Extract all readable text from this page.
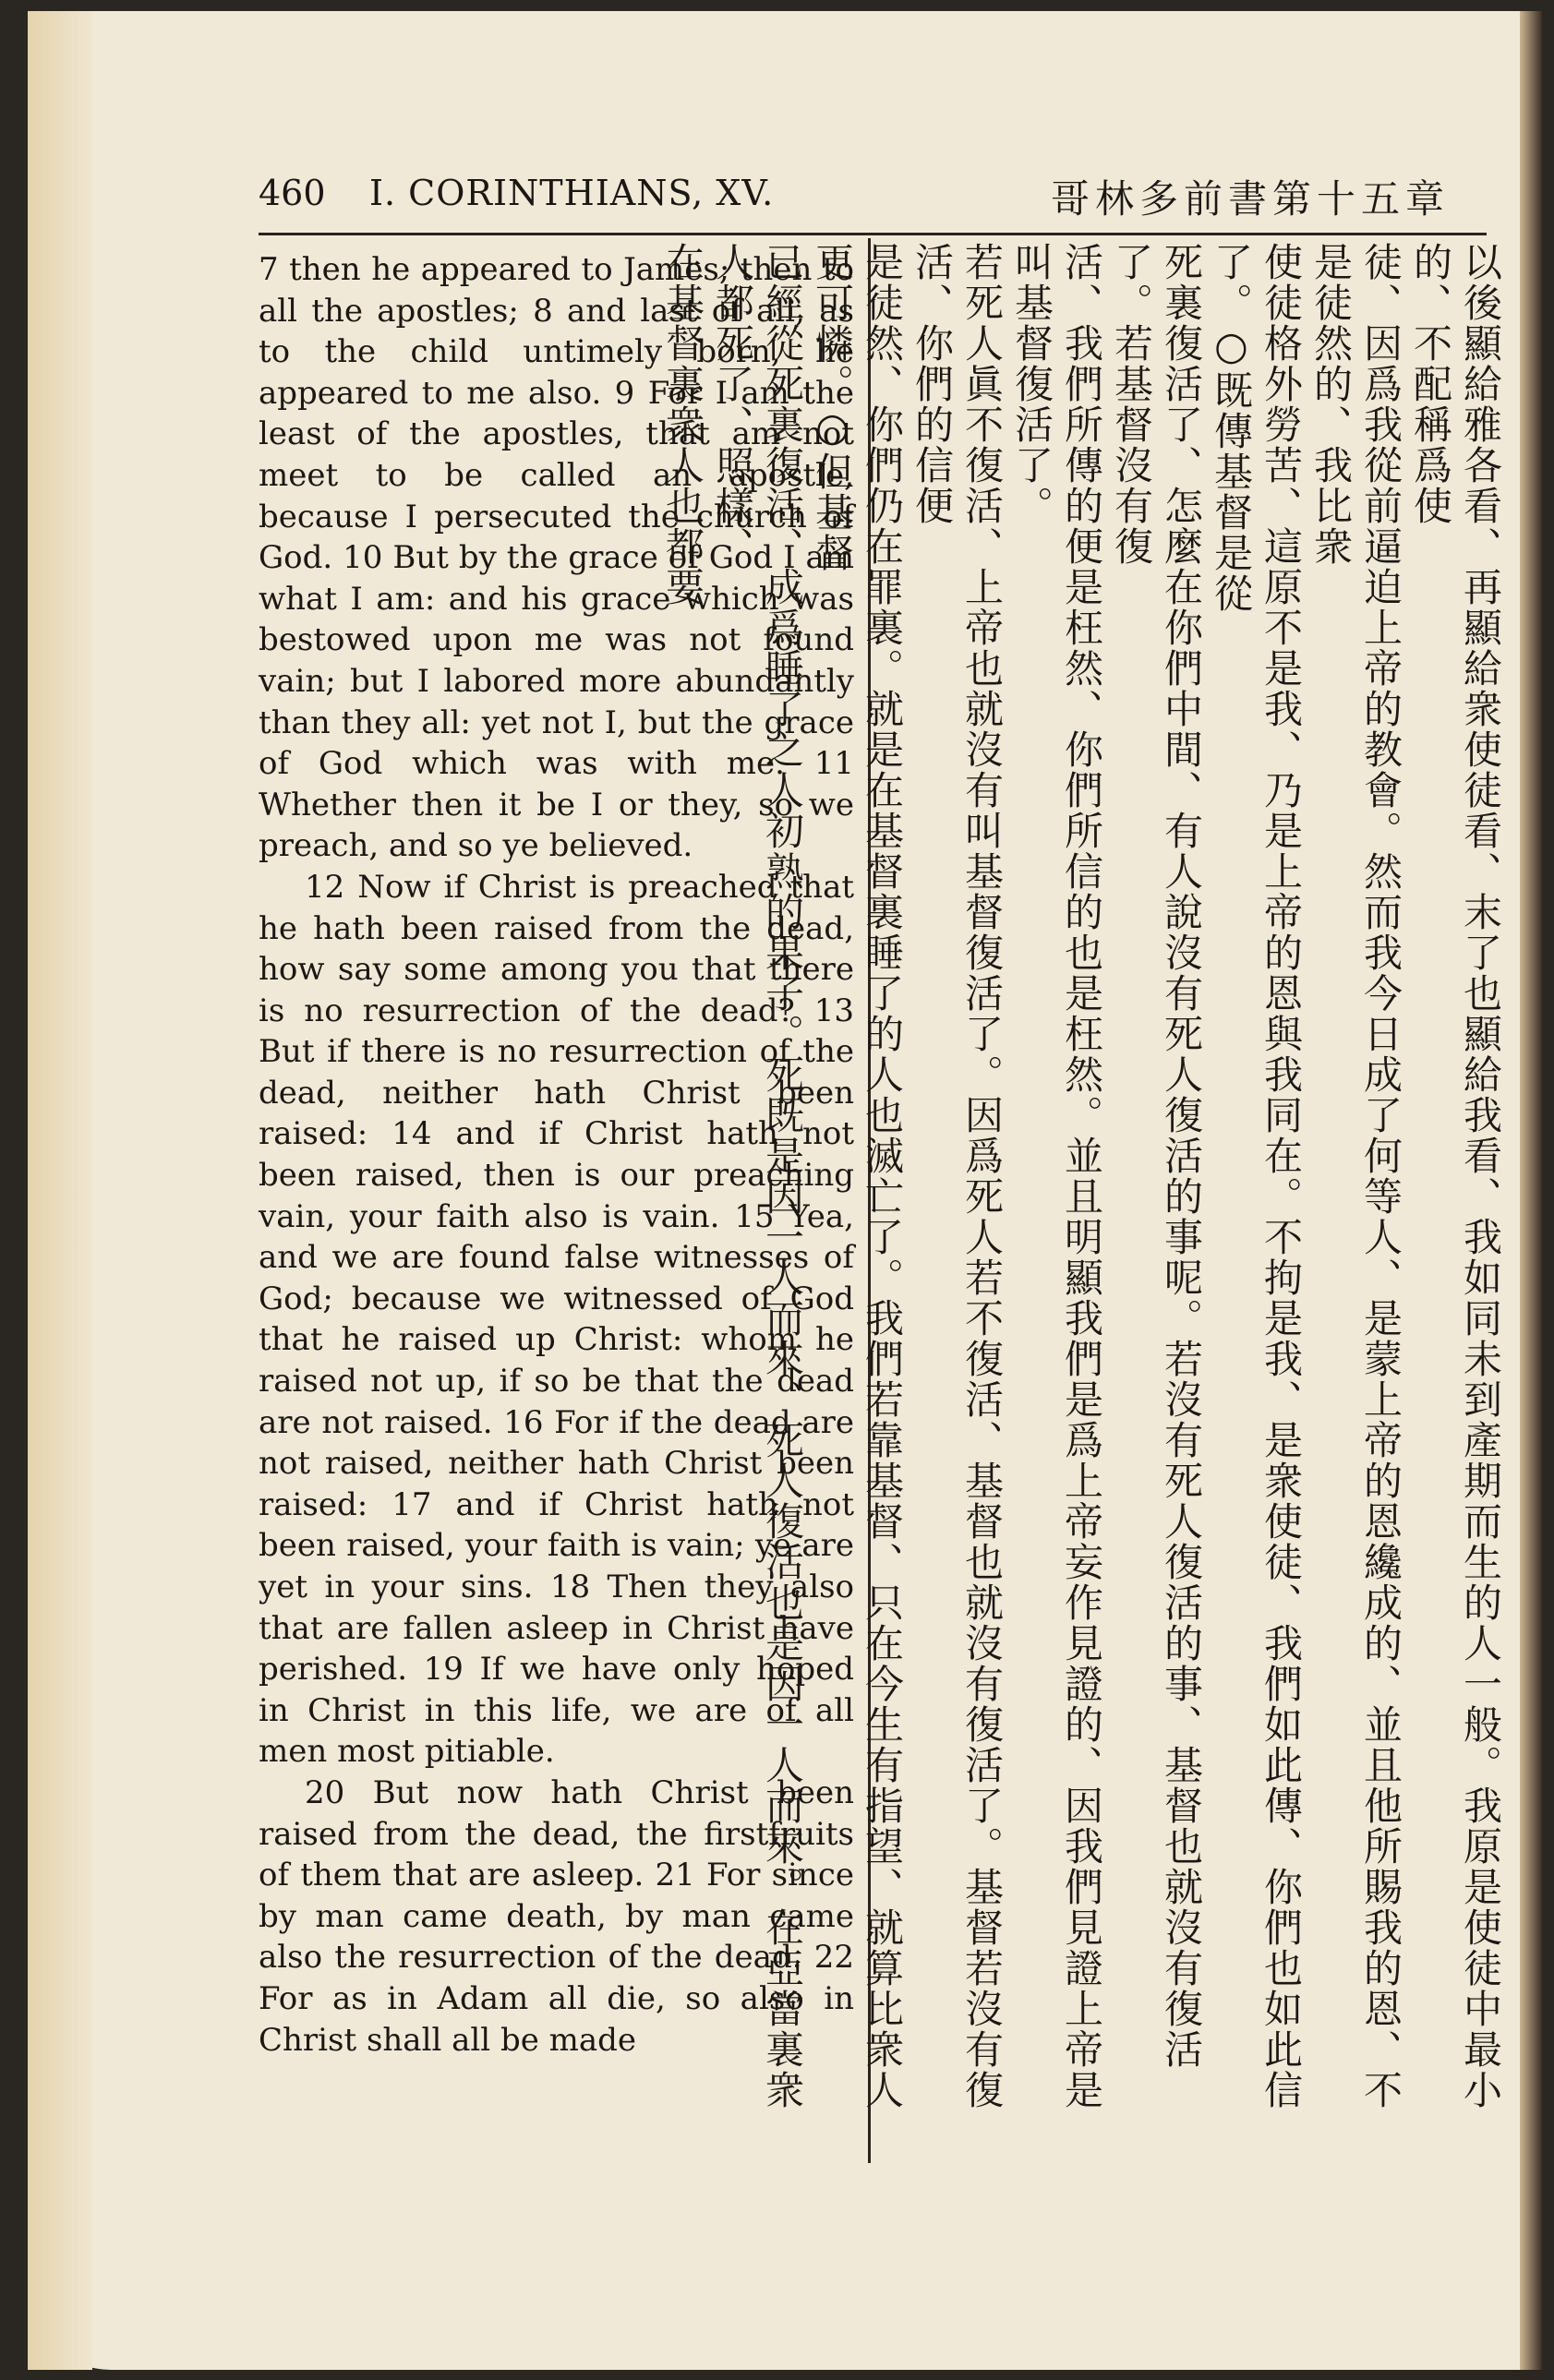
460 I. CORINTHIANS, XV.	哥林多前書第十五章

7 then he appeared to James; then to all the apostles; 8 and last of all, as to the child untimely born, he appeared to me also. 9 For I am the least of the apostles, that am not meet to be called an apostle, because I persecuted the church of God. 10 But by the grace of God I am what I am: and his grace which was bestowed upon me was not found vain; but I labored more abundantly than they all: yet not I, but the grace of God which was with me. 11 Whether then it be I or they, so we preach, and so ye believed.

12 Now if Christ is preached that he hath been raised from the dead, how say some among you that there is no resurrection of the dead? 13 But if there is no resurrection of the dead, neither hath Christ been raised: 14 and if Christ hath not been raised, then is our preaching vain, your faith also is vain. 15 Yea, and we are found false witnesses of God; because we witnessed of God that he raised up Christ: whom he raised not up, if so be that the dead are not raised. 16 For if the dead are not raised, neither hath Christ been raised: 17 and if Christ hath not been raised, your faith is vain; ye are yet in your sins. 18 Then they also that are fallen asleep in Christ have perished. 19 If we have only hoped in Christ in this life, we are of all men most pitiable.

20 But now hath Christ been raised from the dead, the firstfruits of them that are asleep. 21 For since by man came death, by man came also the resurrection of the dead. 22 For as in Adam all die, so also in Christ shall all be made	以後顯給雅各看、再顯給衆使徒看、末了也顯給我看、我如同未到產期而生的人一般。我原是使徒中最小的、不配稱爲使
徒、因爲我從前逼迫上帝的教會。然而我今日成了何等人、是蒙上帝的恩纔成的、並且他所賜我的恩、不是徒然的、我比衆
使徒格外勞苦、這原不是我、乃是上帝的恩與我同在。不拘是我、是衆使徒、我們如此傳、你們也如此信了。○既傳基督是從
死裏復活了、怎麼在你們中間、有人說沒有死人復活的事呢。若沒有死人復活的事、基督也就沒有復活了。若基督沒有復
活、我們所傳的便是枉然、你們所信的也是枉然。並且明顯我們是爲上帝妄作見證的、因我們見證上帝是叫基督復活了。
若死人眞不復活、上帝也就沒有叫基督復活了。因爲死人若不復活、基督也就沒有復活了。基督若沒有復活、你們的信便
是徒然、你們仍在罪裏。就是在基督裏睡了的人也滅亡了。我們若靠基督、只在今生有指望、就算比衆人更可憐。○但基督
已經從死裏復活、成爲睡了之人初熟的果子。死既是因一人而來、死人復活也是因一人而來。在亞當裏衆人都死了、照樣、
在基督裏衆人也都要
